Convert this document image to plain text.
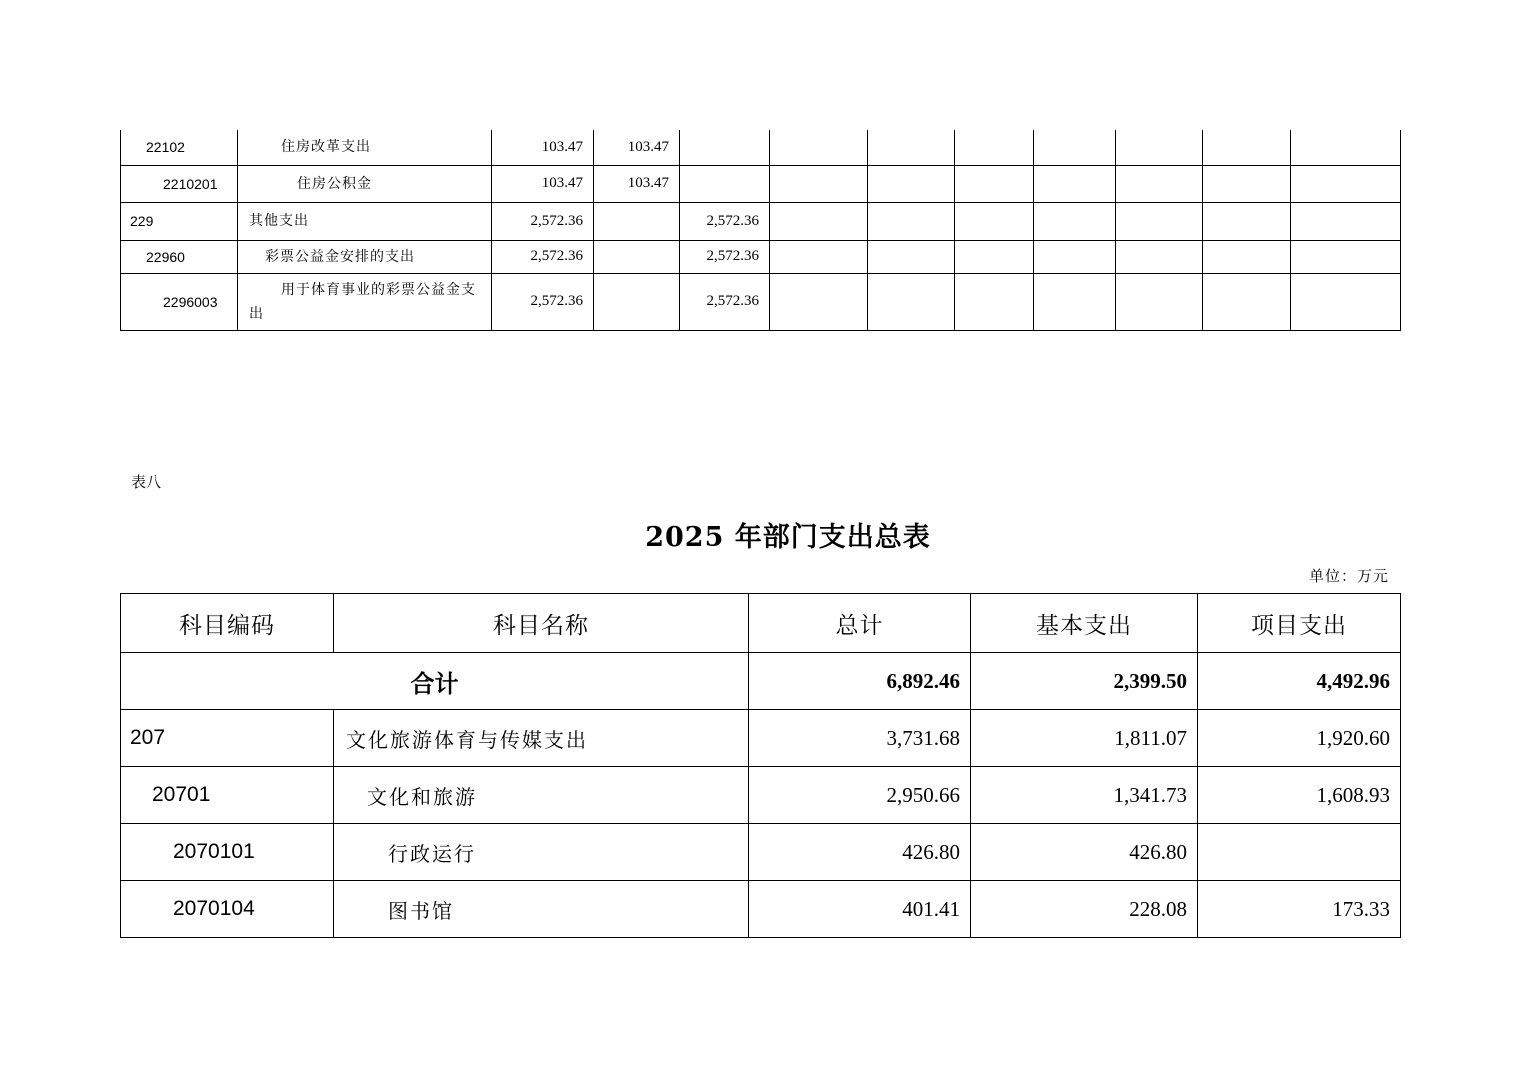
22102	住房改革支出	103.47	103.47								
2210201	住房公积金	103.47	103.47								
229	其他支出	2,572.36		2,572.36							
22960	彩票公益金安排的支出	2,572.36		2,572.36							
2296003	用于体育事业的彩票公益金支出	2,572.36		2,572.36							
表八
2025 年部门支出总表
单位：万元
科目编码	科目名称	总计	基本支出	项目支出
合计		6,892.46	2,399.50	4,492.96
207	文化旅游体育与传媒支出	3,731.68	1,811.07	1,920.60
20701	文化和旅游	2,950.66	1,341.73	1,608.93
2070101	行政运行	426.80	426.80	
2070104	图书馆	401.41	228.08	173.33
